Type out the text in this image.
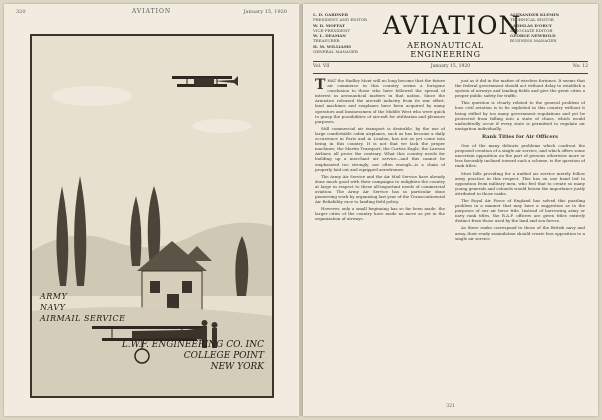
320	AVIATION	January 15, 1920
ARMY
NAVY
AIRMAIL SERVICE
L.W.F. ENGINEERING CO. INC
COLLEGE POINT
NEW YORK
L. D. GARDNER
PRESIDENT AND EDITOR
W. D. MOFFAT
VICE-PRESIDENT
W. L. DEAMAN
TREASURER
H. M. WILLIAMS
GENERAL MANAGER
AVIATION
AERONAUTICAL ENGINEERING
ALEXANDER KLEMIN
TECHNICAL EDITOR
LADISLAS D'ORCY
ASSOCIATE EDITOR
GEORGE NEWBOLD
BUSINESS MANAGER
Vol. VII	January 15, 1920	No. 12

THAT the Hadley Mont will no long become that the future air commerce in this country seems a foregone conclusion to those who have followed the spread of interest in aeronautical matters in that nation. Since the Armistice released the aircraft industry from its war effort, land machines and seaplanes have been acquired by many operators and businessmen of the Middle West who were quick to grasp the possibilities of aircraft for utilitarian and pleasure purposes.

Still commercial air transport is desirable, by the use of large comfortable cabin airplanes, such as has become a daily occurrence in Paris and in London, has not as yet come into being in this country. It is not that we lack the proper machines; the Martin Transport, the Curtiss Eagle, the Lawson Airliner, all prove the contrary. What this country needs for building up a merchant air service—and this cannot be emphasized too strongly, nor often enough—is a chain of properly laid out and equipped aerodromes.

The Army Air Service and the Air Mail Service have already done much good with their campaigns to enlighten the country at large in respect to these all-important needs of commercial aviation. The Army Air Service has in particular done pioneering work by organizing last year of the Transcontinental Air Reliability race to landing field policy.

However, only a small beginning has so far been made, the larger cities of the country have made no move as yet in the organization of airways.

just as it did in the matter of wireless fortunes. It seems that the federal government should act without delay to establish a system of airways and landing fields and give the great cities a proper public safety for traffic.

This question is clearly related to the general problem of how civil aviation is to be exploited in this country without it being stifled by too many government regulations and yet be protected from falling into a state of chaos, which would undoubtedly occur if every state is permitted to regulate air navigation individually.

Rank Titles for Air Officers

One of the many delicate problems which confront the proposed creation of a single air service, and which offers some uncertain opposition on the part of persons otherwise more or less favorably inclined toward such a scheme, is the question of rank titles.

Most bills providing for a unified air service merely follow army practice in this respect. This has on one hand led to opposition from military men, who feel that to create so many young generals and colonels would lessen the importance justly attributed to those ranks.

The Royal Air Force of England has solved this puzzling problem in a manner that may have a suggestion as to the purposes of our air force title. Instead of borrowing army or navy rank titles, the R.A.F. officers are given titles entirely distinct from those used by the land and sea forces.

As these ranks correspond to those of the British navy and army, their ready assimilation should create less opposition to a single air service.

321
